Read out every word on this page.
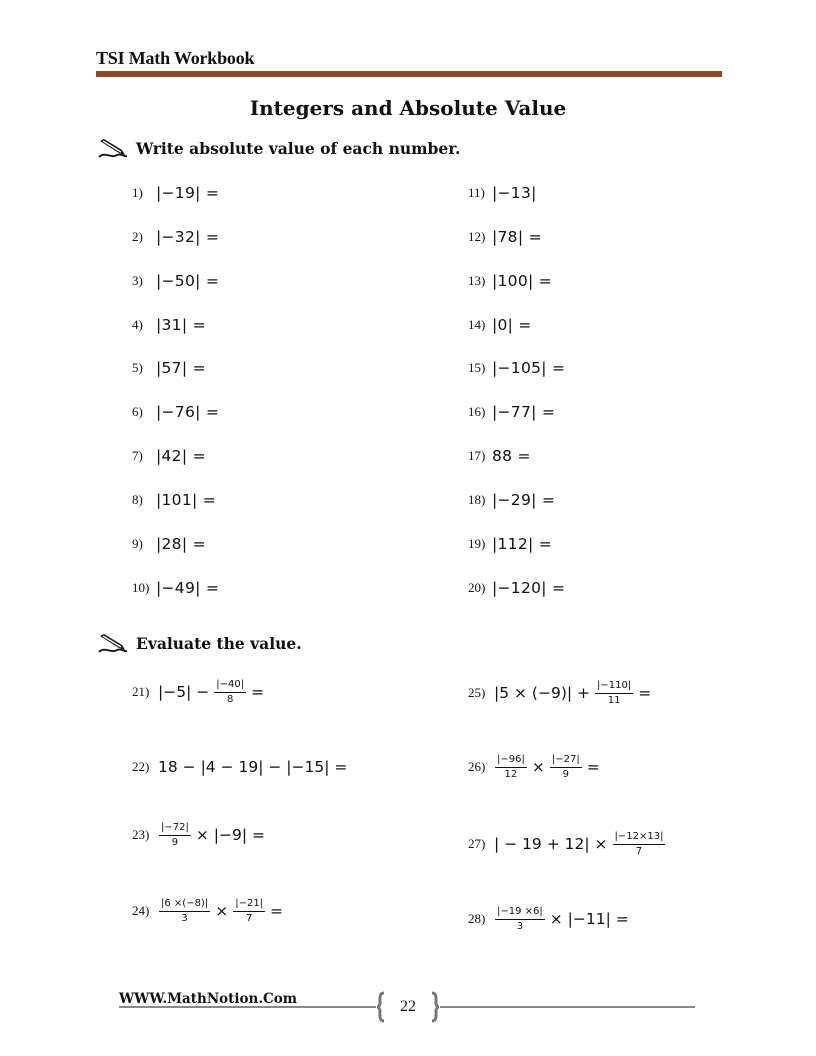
TSI Math Workbook
Integers and Absolute Value
Write absolute value of each number.
1) |−19| =
2) |−32| =
3) |−50| =
4) |31| =
5) |57| =
6) |−76| =
7) |42| =
8) |101| =
9) |28| =
10) |−49| =
11) |−13|
12) |78| =
13) |100| =
14) |0| =
15) |−105| =
16) |−77| =
17) 88 =
18) |−29| =
19) |112| =
20) |−120| =
Evaluate the value.
21) $|-5| - \frac{|-40|}{8}$ =
22) 18 − |4 − 19| − |−15| =
$23) \frac{|-72|}{9} \times |-9|$ =
$24) \frac{|6 \times(-8)|}{3} \times \frac{|-21|}{7}$ =
25) $|5 \times (-9)| + \frac{|-110|}{11}$ =
$26) \frac{|-96|}{12} \times \frac{|-27|}{9}$ =
27) | − $19 + 12| \times \frac{|-12\times 13|}{7}$
$28) \frac{|-19 \times 6|}{3} \times |-11|$ =
WWW.MathNotion.Com	22
